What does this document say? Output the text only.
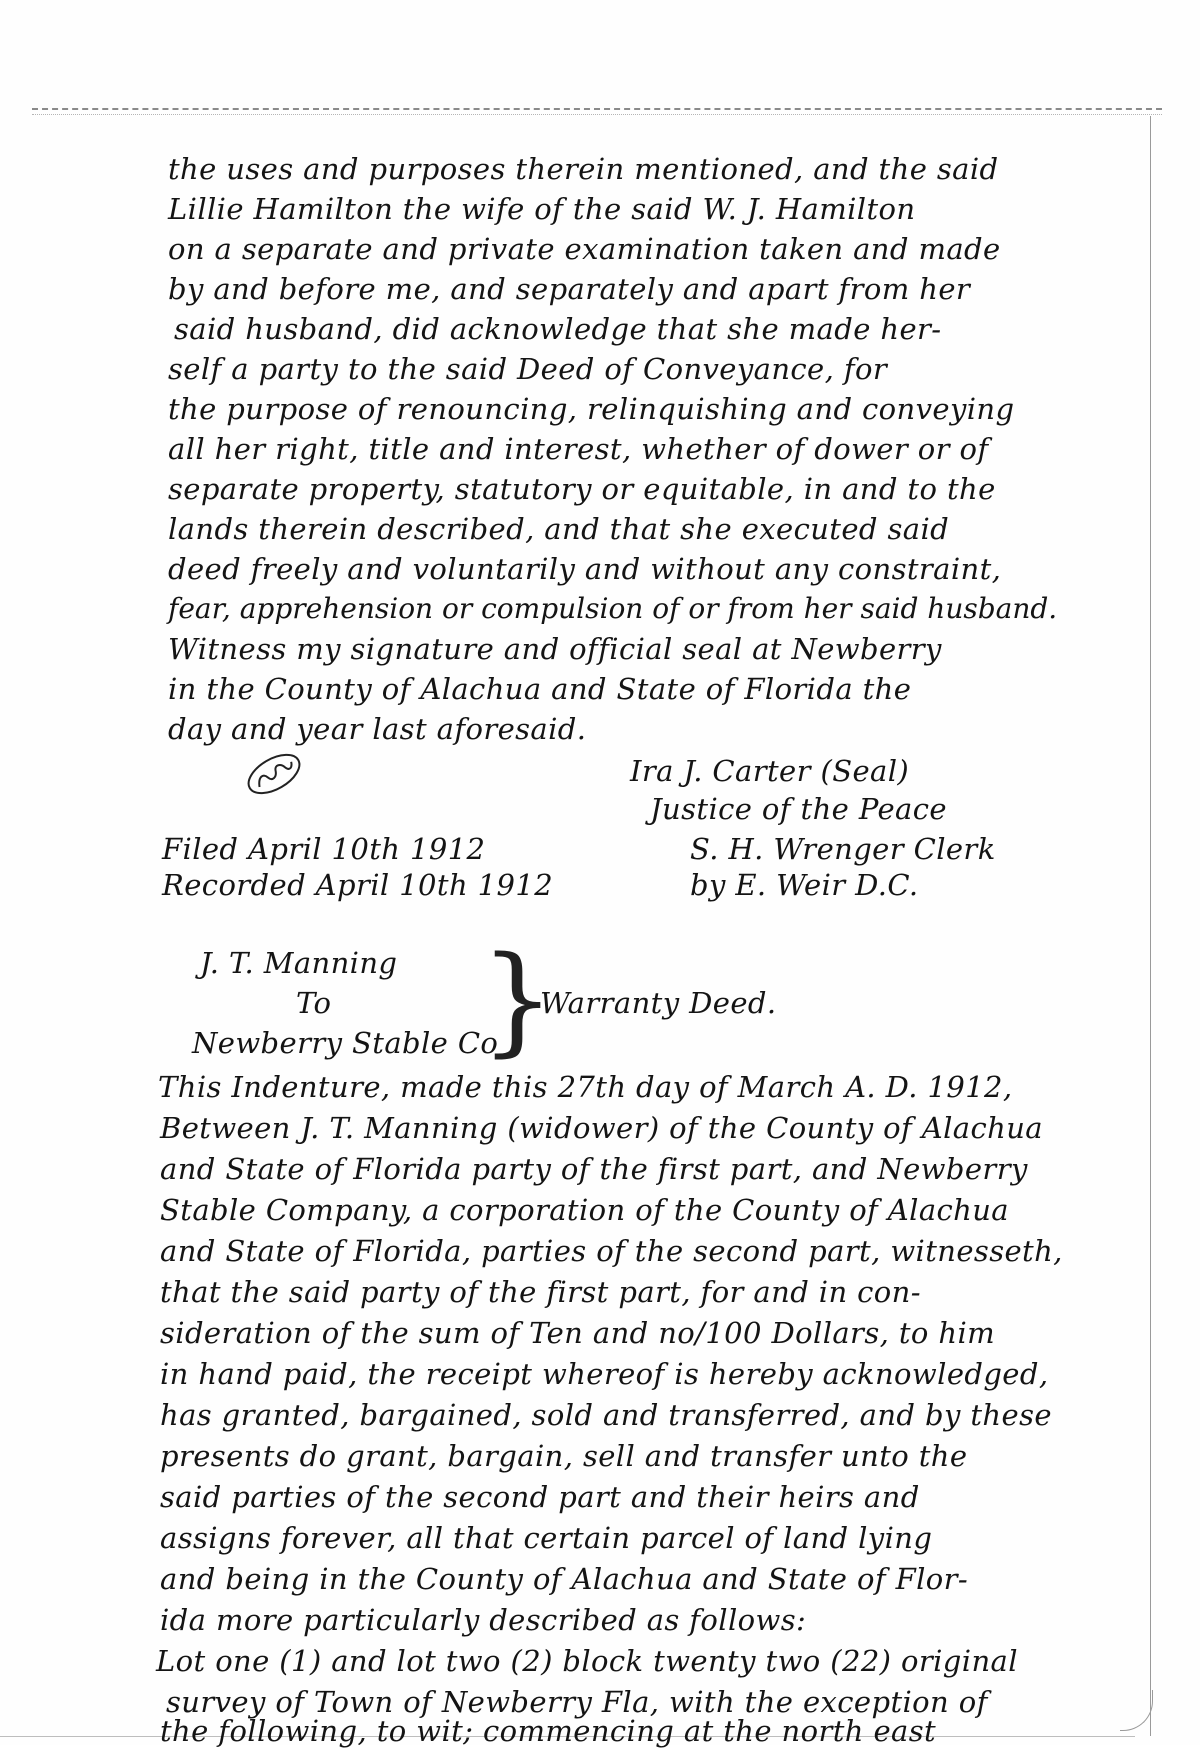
the uses and purposes therein mentioned, and the said
Lillie Hamilton the wife of the said W. J. Hamilton
on a separate and private examination taken and made
by and before me, and separately and apart from her
said husband, did acknowledge that she made her-
self a party to the said Deed of Conveyance, for
the purpose of renouncing, relinquishing and conveying
all her right, title and interest, whether of dower or of
separate property, statutory or equitable, in and to the
lands therein described, and that she executed said
deed freely and voluntarily and without any constraint,
fear, apprehension or compulsion of or from her said husband.
Witness my signature and official seal at Newberry
in the County of Alachua and State of Florida the
day and year last aforesaid.
Ira J. Carter (Seal)
Justice of the Peace
Filed April 10th 1912
Recorded April 10th 1912
S. H. Wrenger Clerk
by E. Weir D.C.
J. T. Manning
To
Newberry Stable Co
}
Warranty Deed.
This Indenture, made this 27th day of March A. D. 1912,
Between J. T. Manning (widower) of the County of Alachua
and State of Florida party of the first part, and Newberry
Stable Company, a corporation of the County of Alachua
and State of Florida, parties of the second part, witnesseth,
that the said party of the first part, for and in con-
sideration of the sum of Ten and no/100 Dollars, to him
in hand paid, the receipt whereof is hereby acknowledged,
has granted, bargained, sold and transferred, and by these
presents do grant, bargain, sell and transfer unto the
said parties of the second part and their heirs and
assigns forever, all that certain parcel of land lying
and being in the County of Alachua and State of Flor-
ida more particularly described as follows:
Lot one (1) and lot two (2) block twenty two (22) original
survey of Town of Newberry Fla, with the exception of
the following, to wit; commencing at the north east
